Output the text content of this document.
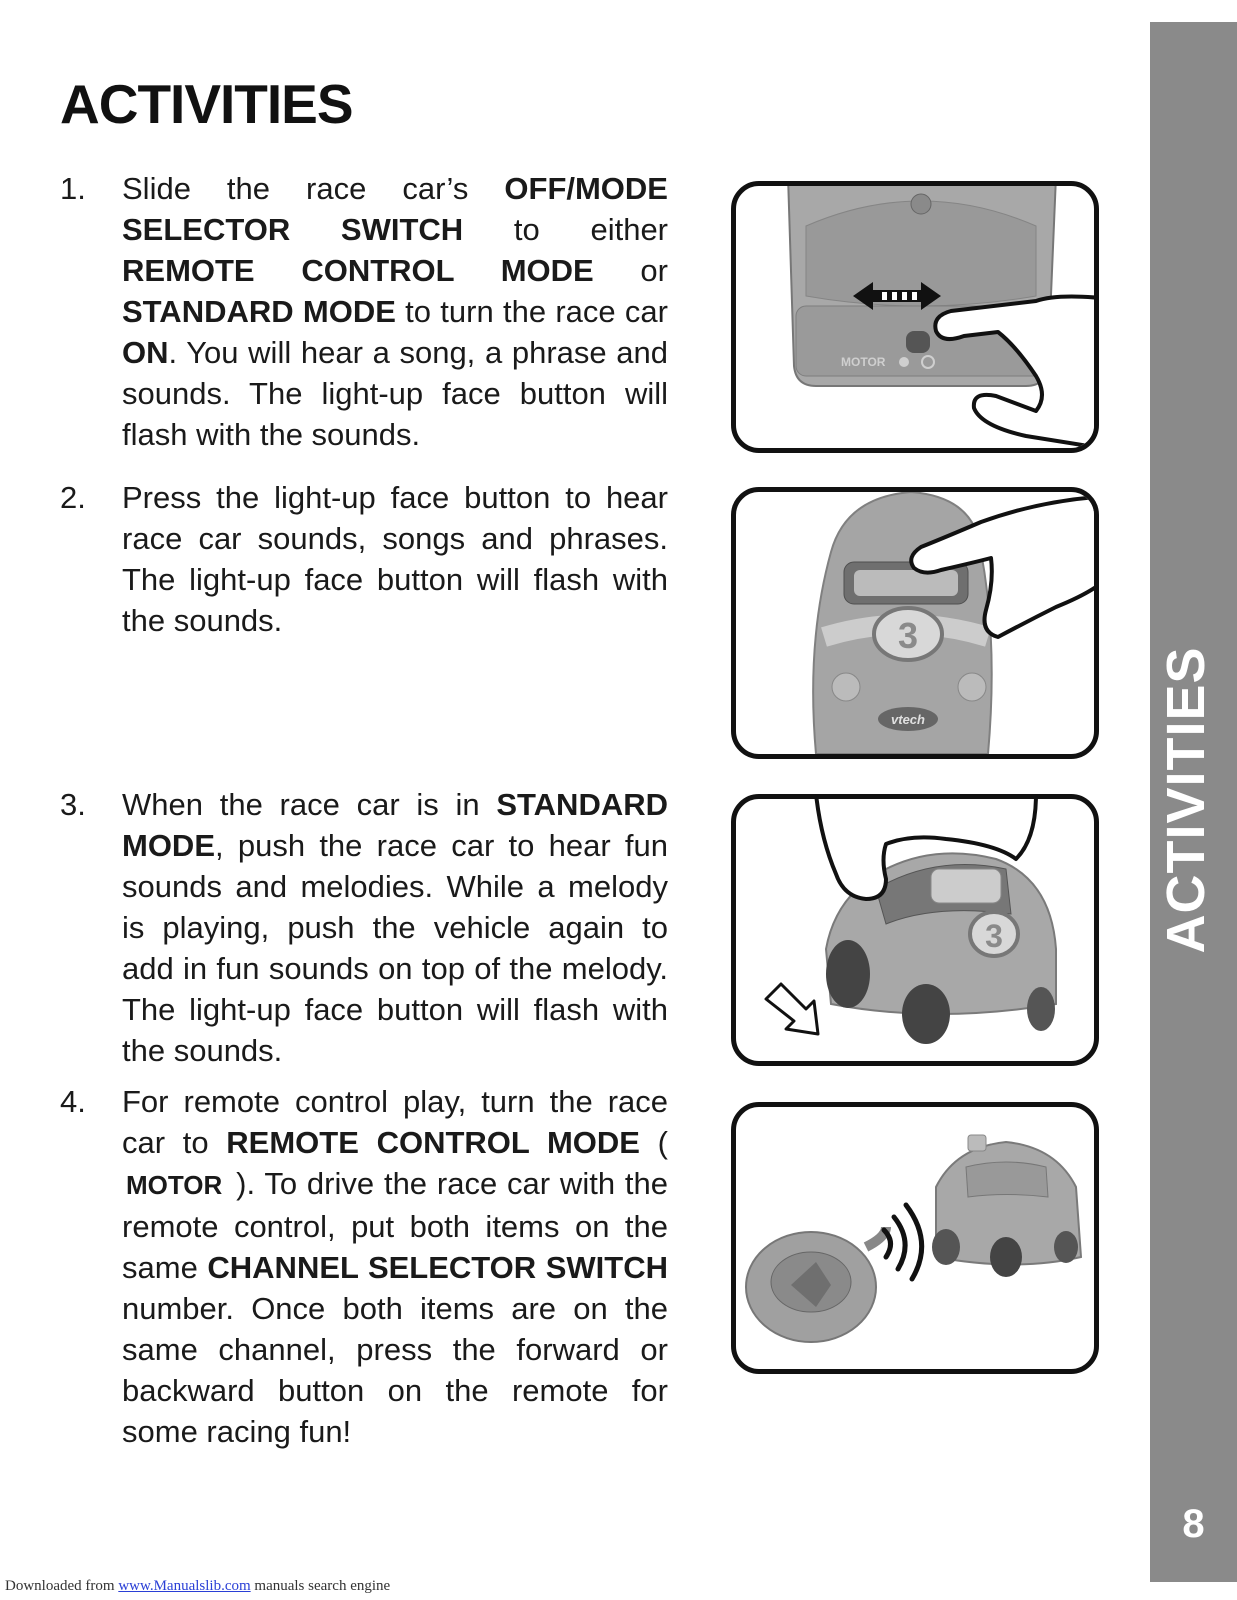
ACTIVITIES
8
ACTIVITIES
1. Slide the race car’s OFF/MODE SELECTOR SWITCH to either REMOTE CONTROL MODE or STANDARD MODE to turn the race car ON. You will hear a song, a phrase and sounds. The light-up face button will flash with the sounds.
2. Press the light-up face button to hear race car sounds, songs and phrases. The light-up face button will flash with the sounds.
3. When the race car is in STANDARD MODE, push the race car to hear fun sounds and melodies. While a melody is playing, push the vehicle again to add in fun sounds on top of the melody. The light-up face button will flash with the sounds.
4. For remote control play, turn the race car to REMOTE CONTROL MODE ( MOTOR ). To drive the race car with the remote control, put both items on the same CHANNEL SELECTOR SWITCH number. Once both items are on the same channel, press the forward or backward button on the remote for some racing fun!
MOTOR
3
vtech
3
Downloaded from www.Manualslib.com manuals search engine
